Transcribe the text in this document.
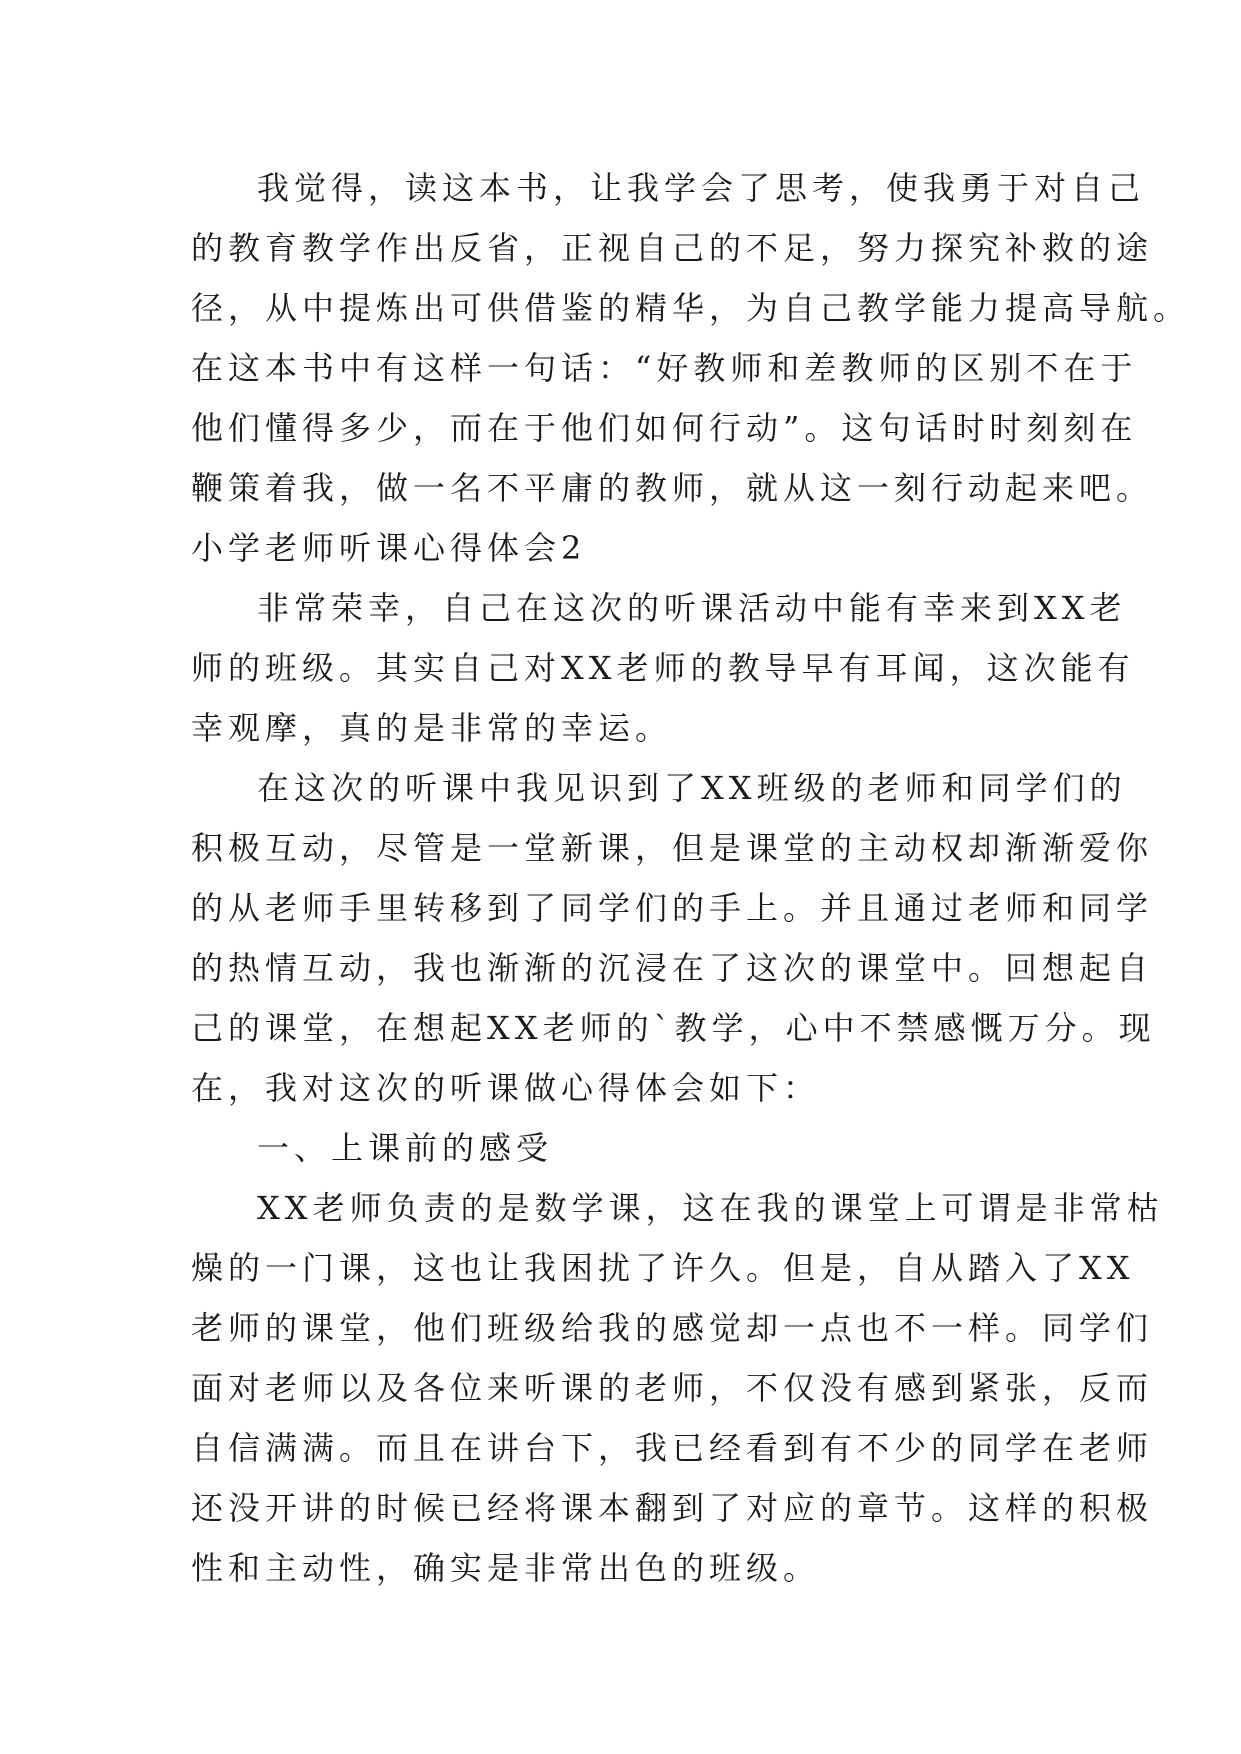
我觉得，读这本书，让我学会了思考，使我勇于对自己
的教育教学作出反省，正视自己的不足，努力探究补救的途
径，从中提炼出可供借鉴的精华，为自己教学能力提高导航。
在这本书中有这样一句话：“好教师和差教师的区别不在于
他们懂得多少，而在于他们如何行动”。这句话时时刻刻在
鞭策着我，做一名不平庸的教师，就从这一刻行动起来吧。
小学老师听课心得体会2
非常荣幸，自己在这次的听课活动中能有幸来到XX老
师的班级。其实自己对XX老师的教导早有耳闻，这次能有
幸观摩，真的是非常的幸运。
在这次的听课中我见识到了XX班级的老师和同学们的
积极互动，尽管是一堂新课，但是课堂的主动权却渐渐爱你
的从老师手里转移到了同学们的手上。并且通过老师和同学
的热情互动，我也渐渐的沉浸在了这次的课堂中。回想起自
己的课堂，在想起XX老师的`教学，心中不禁感慨万分。现
在，我对这次的听课做心得体会如下：
一、上课前的感受
XX老师负责的是数学课，这在我的课堂上可谓是非常枯
燥的一门课，这也让我困扰了许久。但是，自从踏入了XX
老师的课堂，他们班级给我的感觉却一点也不一样。同学们
面对老师以及各位来听课的老师，不仅没有感到紧张，反而
自信满满。而且在讲台下，我已经看到有不少的同学在老师
还没开讲的时候已经将课本翻到了对应的章节。这样的积极
性和主动性，确实是非常出色的班级。
